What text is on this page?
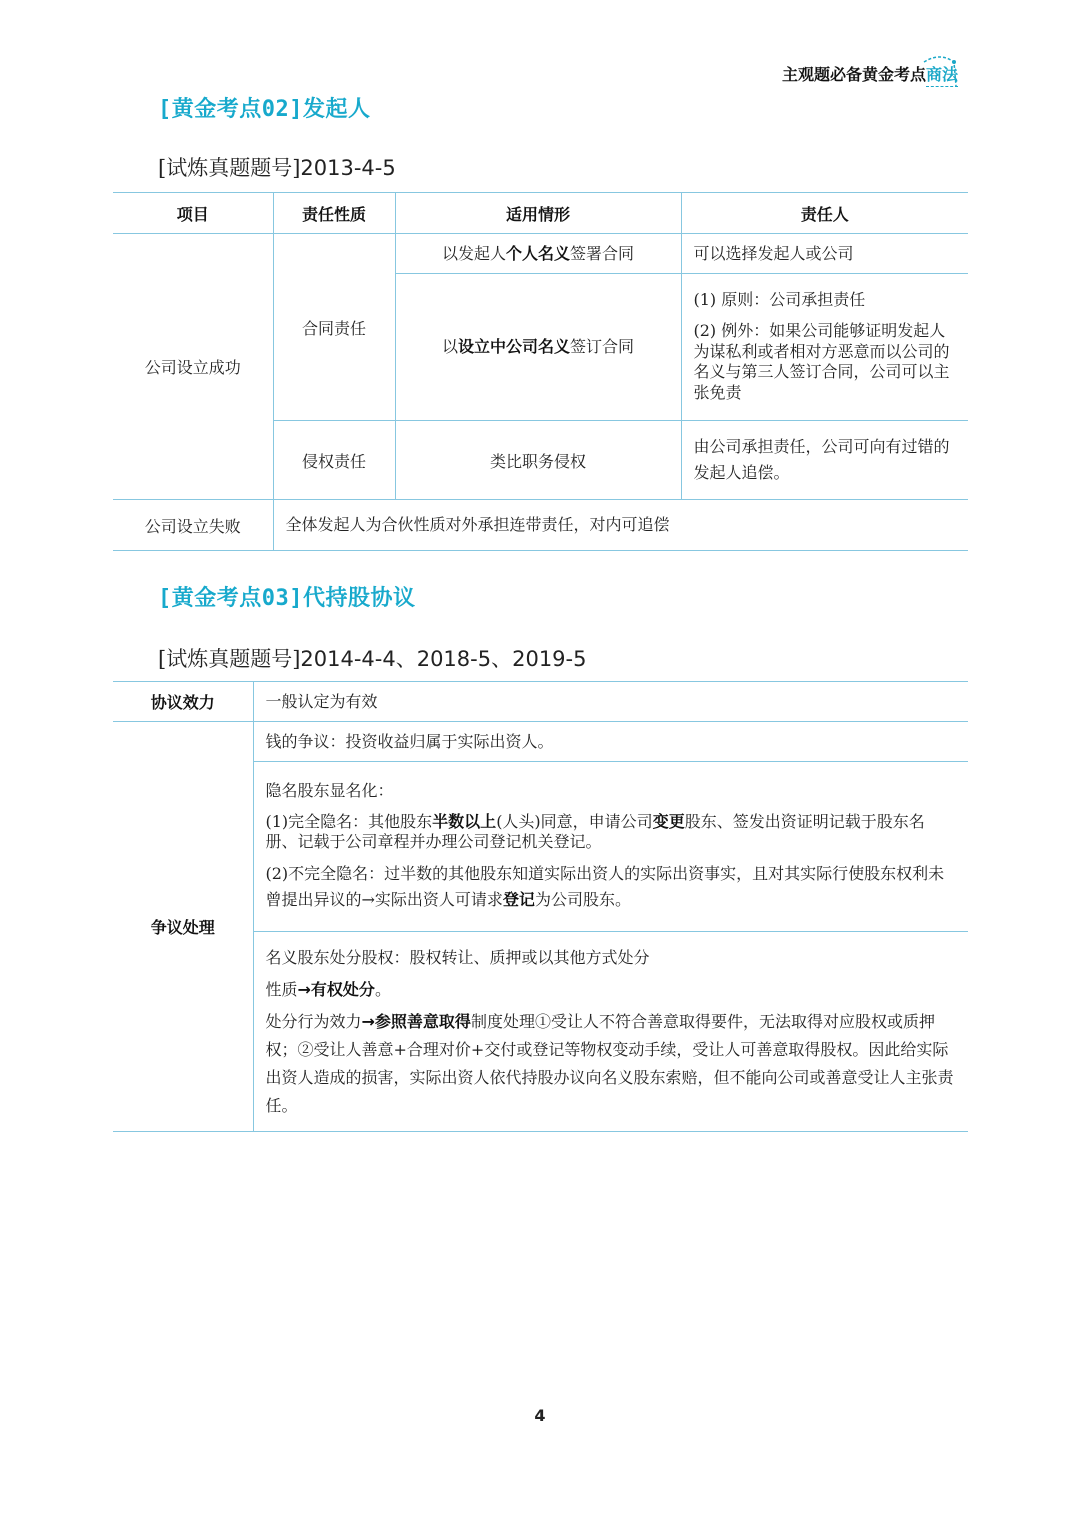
主观题必备黄金考点商法
[黄金考点02]发起人
[试炼真题题号]2013-4-5
项目	责任性质	适用情形	责任人
公司设立成功	合同责任	以发起人个人名义签署合同	可以选择发起人或公司
		以设立中公司名义签订合同	(1) 原则：公司承担责任

(2) 例外：如果公司能够证明发起人为谋私利或者相对方恶意而以公司的名义与第三人签订合同，公司可以主张免责

	侵权责任	类比职务侵权	由公司承担责任，公司可向有过错的发起人追偿。
公司设立失败	全体发起人为合伙性质对外承担连带责任，对内可追偿		
[黄金考点03]代持股协议
[试炼真题题号]2014-4-4、2018-5、2019-5
协议效力	一般认定为有效
争议处理	钱的争议：投资收益归属于实际出资人。

	隐名股东显名化：

(1)完全隐名：其他股东半数以上(人头)同意，申请公司变更股东、签发出资证明记载于股东名册、记载于公司章程并办理公司登记机关登记。

(2)不完全隐名：过半数的其他股东知道实际出资人的实际出资事实，且对其实际行使股东权利未曾提出异议的→实际出资人可请求登记为公司股东。

	名义股东处分股权：股权转让、质押或以其他方式处分

性质→有权处分。

处分行为效力→参照善意取得制度处理①受让人不符合善意取得要件，无法取得对应股权或质押权；②受让人善意+合理对价+交付或登记等物权变动手续，受让人可善意取得股权。因此给实际出资人造成的损害，实际出资人依代持股办议向名义股东索赔，但不能向公司或善意受让人主张责任。

4
